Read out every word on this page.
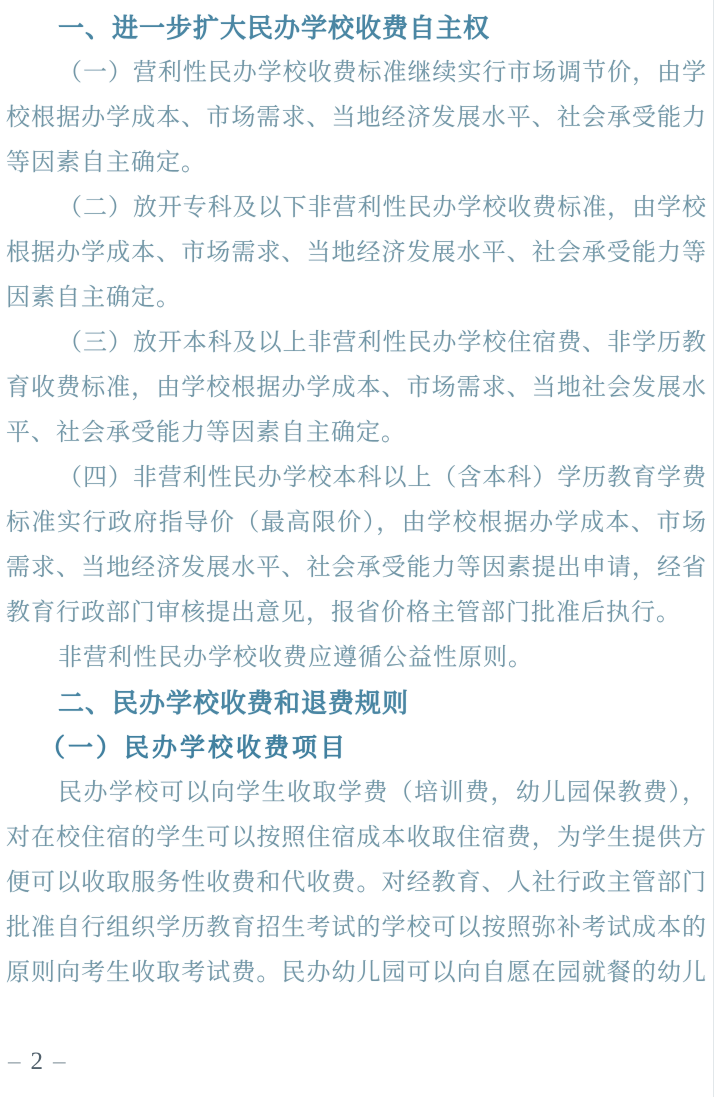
一、进一步扩大民办学校收费自主权
（一）营利性民办学校收费标准继续实行市场调节价，由学
校根据办学成本、市场需求、当地经济发展水平、社会承受能力
等因素自主确定。
（二）放开专科及以下非营利性民办学校收费标准，由学校
根据办学成本、市场需求、当地经济发展水平、社会承受能力等
因素自主确定。
（三）放开本科及以上非营利性民办学校住宿费、非学历教
育收费标准，由学校根据办学成本、市场需求、当地社会发展水
平、社会承受能力等因素自主确定。
（四）非营利性民办学校本科以上（含本科）学历教育学费
标准实行政府指导价（最高限价），由学校根据办学成本、市场
需求、当地经济发展水平、社会承受能力等因素提出申请，经省
教育行政部门审核提出意见，报省价格主管部门批准后执行。
非营利性民办学校收费应遵循公益性原则。
二、民办学校收费和退费规则
（一）民办学校收费项目
民办学校可以向学生收取学费（培训费，幼儿园保教费），
对在校住宿的学生可以按照住宿成本收取住宿费，为学生提供方
便可以收取服务性收费和代收费。对经教育、人社行政主管部门
批准自行组织学历教育招生考试的学校可以按照弥补考试成本的
原则向考生收取考试费。民办幼儿园可以向自愿在园就餐的幼儿
– 2 –
